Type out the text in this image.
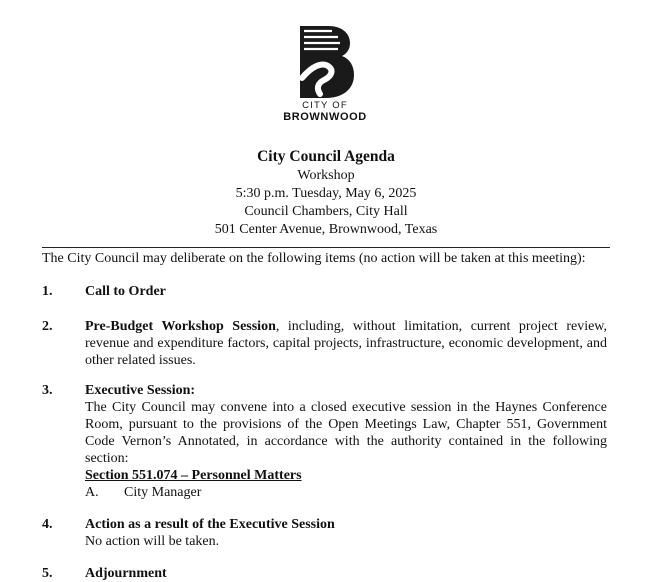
CITY OF
BROWNWOOD
City Council Agenda
Workshop
5:30 p.m. Tuesday, May 6, 2025
Council Chambers, City Hall
501 Center Avenue, Brownwood, Texas
The City Council may deliberate on the following items (no action will be taken at this meeting):
1. Call to Order
2. Pre-Budget Workshop Session, including, without limitation, current project review, revenue and expenditure factors, capital projects, infrastructure, economic development, and other related issues.
3. Executive Session:
The City Council may convene into a closed executive session in the Haynes Conference Room, pursuant to the provisions of the Open Meetings Law, Chapter 551, Government Code Vernon’s Annotated, in accordance with the authority contained in the following section:
Section 551.074 – Personnel Matters
A. City Manager
4. Action as a result of the Executive Session
No action will be taken.
5. Adjournment
